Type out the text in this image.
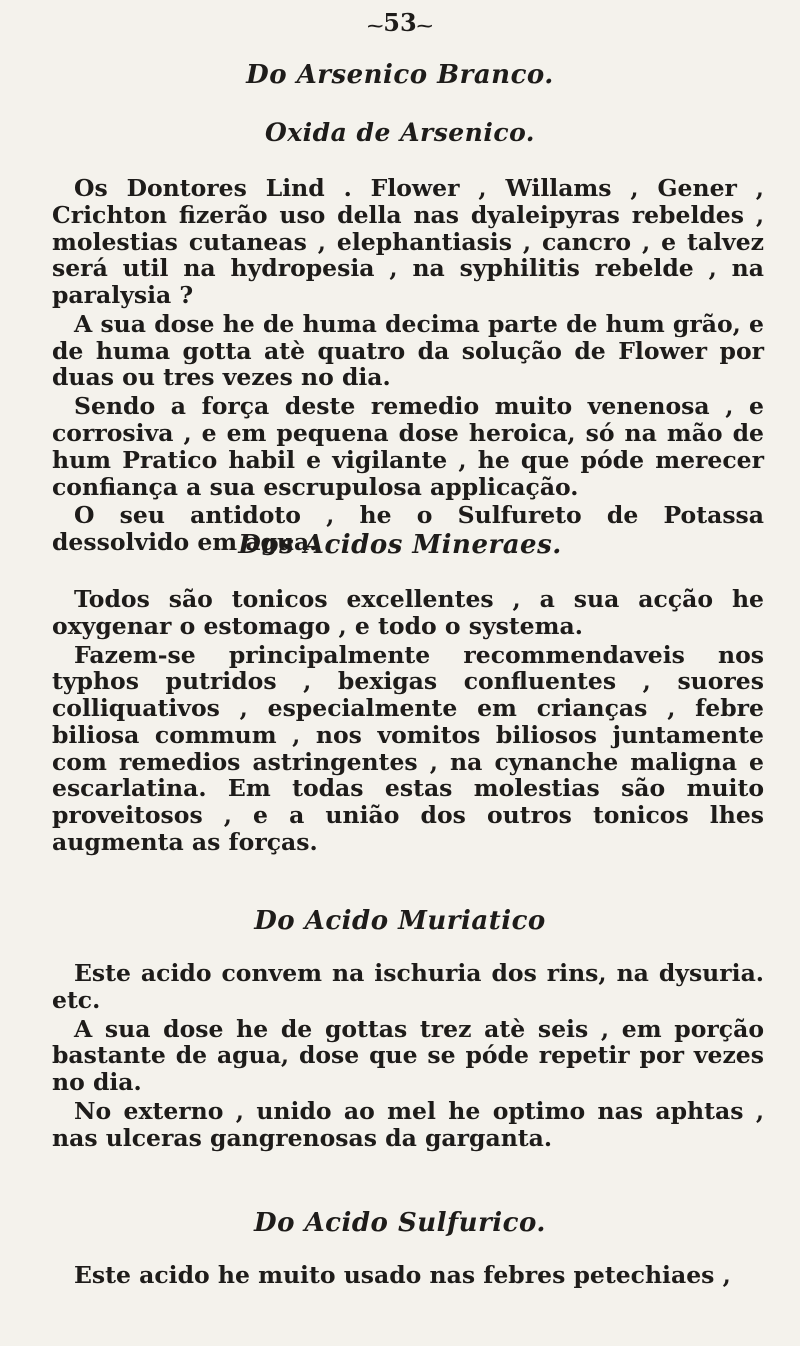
⁓53⁓
Do Arsenico Branco.
Oxida de Arsenico.

Os Dontores Lind . Flower , Willams , Gener , Crichton fizerão uso della nas dyaleipyras rebeldes , molestias cutaneas , elephantiasis , cancro , e talvez será util na hydropesia , na syphilitis rebelde , na paralysia ?

A sua dose he de huma decima parte de hum grão, e de huma gotta atè quatro da solução de Flower por duas ou tres vezes no dia.

Sendo a força deste remedio muito venenosa , e corrosiva , e em pequena dose heroica, só na mão de hum Pratico habil e vigilante , he que póde merecer confiança a sua escrupulosa applicação.

O seu antidoto , he o Sulfureto de Potassa dessolvido em agua.

Dos Acidos Mineraes.

Todos são tonicos excellentes , a sua acção he oxygenar o estomago , e todo o systema.

Fazem-se principalmente recommendaveis nos typhos putridos , bexigas confluentes , suores colliquativos , especialmente em crianças , febre biliosa commum , nos vomitos biliosos juntamente com remedios astringentes , na cynanche maligna e escarlatina. Em todas estas molestias são muito proveitosos , e a união dos outros tonicos lhes augmenta as forças.

Do Acido Muriatico

Este acido convem na ischuria dos rins, na dysuria. etc.

A sua dose he de gottas trez atè seis , em porção bastante de agua, dose que se póde repetir por vezes no dia.

No externo , unido ao mel he optimo nas aphtas , nas ulceras gangrenosas da garganta.

Do Acido Sulfurico.

Este acido he muito usado nas febres petechiaes ,
